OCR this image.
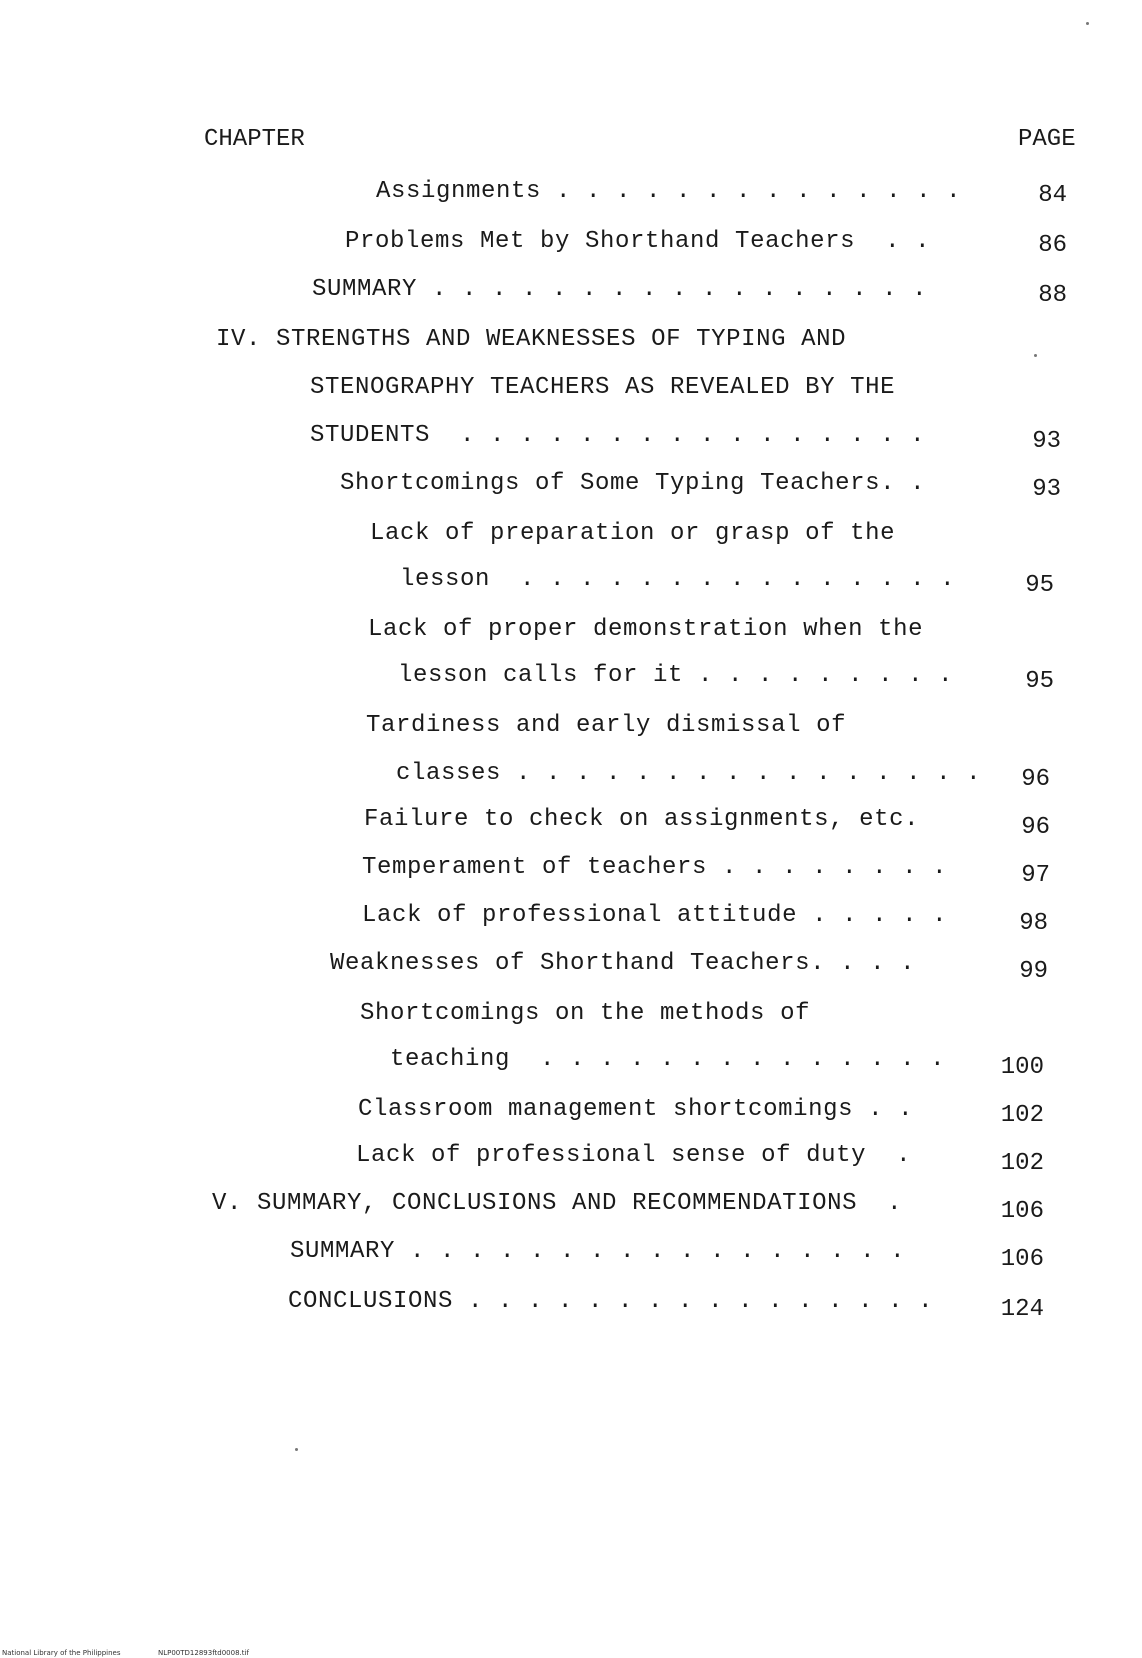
CHAPTER	PAGE
Assignments . . . . . . . . . . . . . .	84
Problems Met by Shorthand Teachers  . .	86
SUMMARY . . . . . . . . . . . . . . . . .	88
IV. STRENGTHS AND WEAKNESSES OF TYPING AND
STENOGRAPHY TEACHERS AS REVEALED BY THE
STUDENTS  . . . . . . . . . . . . . . . .	93
Shortcomings of Some Typing Teachers. .	93
Lack of preparation or grasp of the
lesson  . . . . . . . . . . . . . . .	95
Lack of proper demonstration when the
lesson calls for it . . . . . . . . .	95
Tardiness and early dismissal of
classes . . . . . . . . . . . . . . . .	96
Failure to check on assignments, etc.	96
Temperament of teachers . . . . . . . .	97
Lack of professional attitude . . . . .	98
Weaknesses of Shorthand Teachers. . . .	99
Shortcomings on the methods of
teaching  . . . . . . . . . . . . . .	100
Classroom management shortcomings . .	102
Lack of professional sense of duty  .	102
V. SUMMARY, CONCLUSIONS AND RECOMMENDATIONS  .	106
SUMMARY . . . . . . . . . . . . . . . . .	106
CONCLUSIONS . . . . . . . . . . . . . . . .	124
National Library of the Philippines	NLP00TD12893ftd0008.tif
